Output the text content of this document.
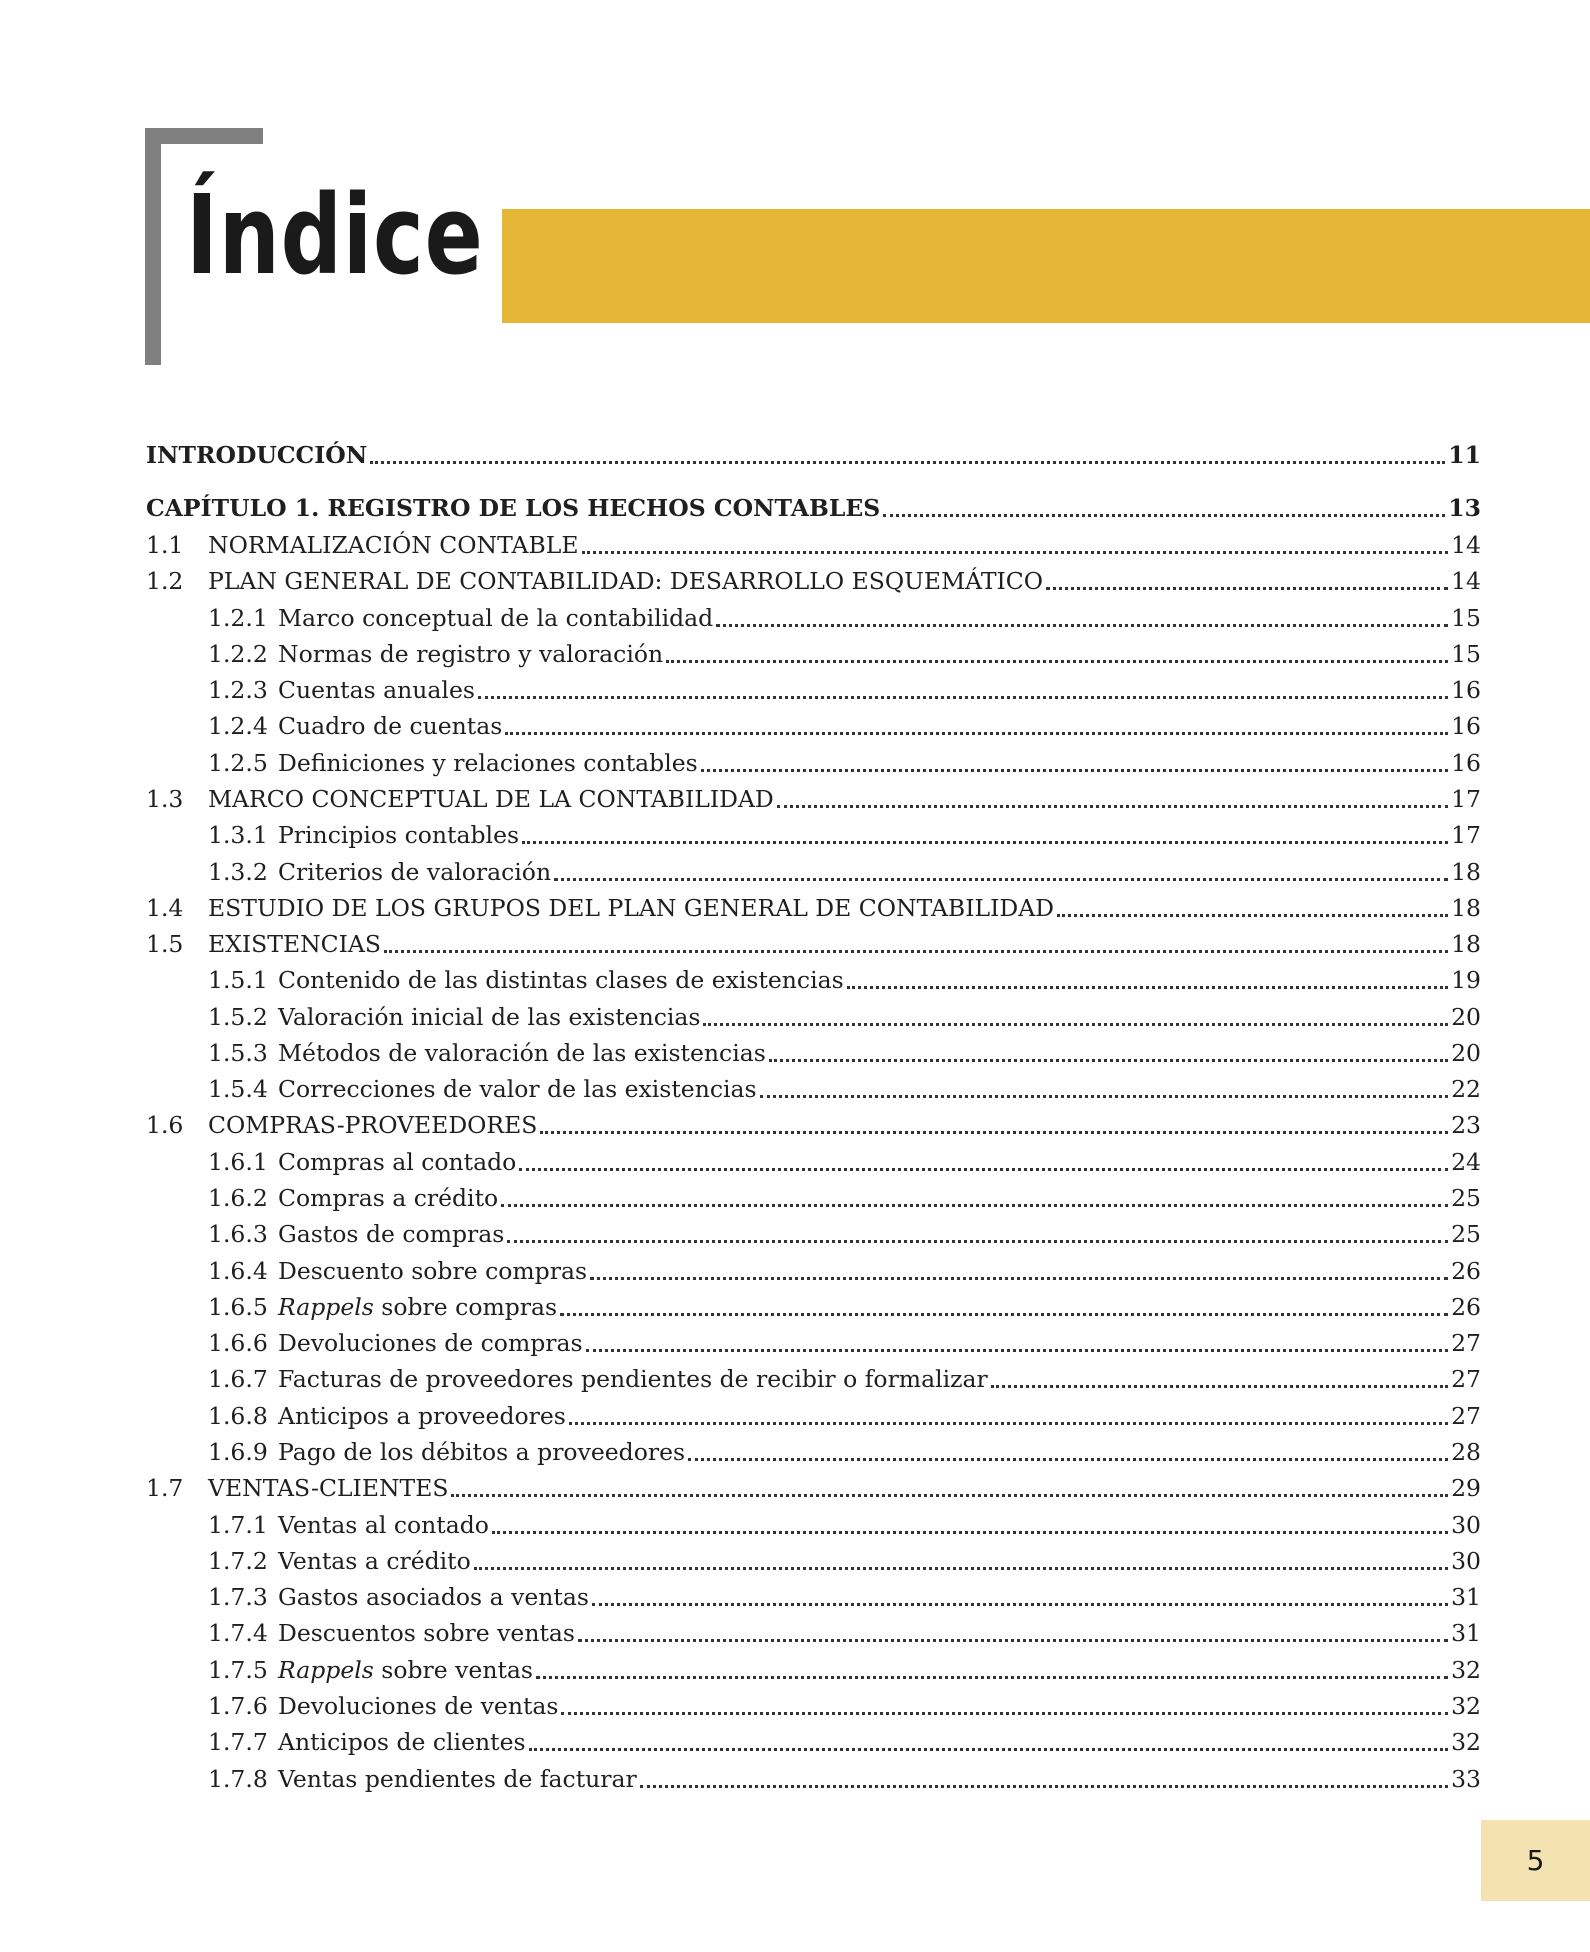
Índice
INTRODUCCIÓN	11
CAPÍTULO 1. REGISTRO DE LOS HECHOS CONTABLES	13
1.1	NORMALIZACIÓN CONTABLE	14
1.2	PLAN GENERAL DE CONTABILIDAD: DESARROLLO ESQUEMÁTICO	14
1.2.1 Marco conceptual de la contabilidad	15
1.2.2 Normas de registro y valoración	15
1.2.3 Cuentas anuales	16
1.2.4 Cuadro de cuentas	16
1.2.5 Definiciones y relaciones contables	16
1.3	MARCO CONCEPTUAL DE LA CONTABILIDAD	17
1.3.1 Principios contables	17
1.3.2 Criterios de valoración	18
1.4	ESTUDIO DE LOS GRUPOS DEL PLAN GENERAL DE CONTABILIDAD	18
1.5	EXISTENCIAS	18
1.5.1 Contenido de las distintas clases de existencias	19
1.5.2 Valoración inicial de las existencias	20
1.5.3 Métodos de valoración de las existencias	20
1.5.4 Correcciones de valor de las existencias	22
1.6	COMPRAS-PROVEEDORES	23
1.6.1 Compras al contado	24
1.6.2 Compras a crédito	25
1.6.3 Gastos de compras	25
1.6.4 Descuento sobre compras	26
1.6.5 Rappels sobre compras	26
1.6.6 Devoluciones de compras	27
1.6.7 Facturas de proveedores pendientes de recibir o formalizar	27
1.6.8 Anticipos a proveedores	27
1.6.9 Pago de los débitos a proveedores	28
1.7	VENTAS-CLIENTES	29
1.7.1 Ventas al contado	30
1.7.2 Ventas a crédito	30
1.7.3 Gastos asociados a ventas	31
1.7.4 Descuentos sobre ventas	31
1.7.5 Rappels sobre ventas	32
1.7.6 Devoluciones de ventas	32
1.7.7 Anticipos de clientes	32
1.7.8 Ventas pendientes de facturar	33
5
